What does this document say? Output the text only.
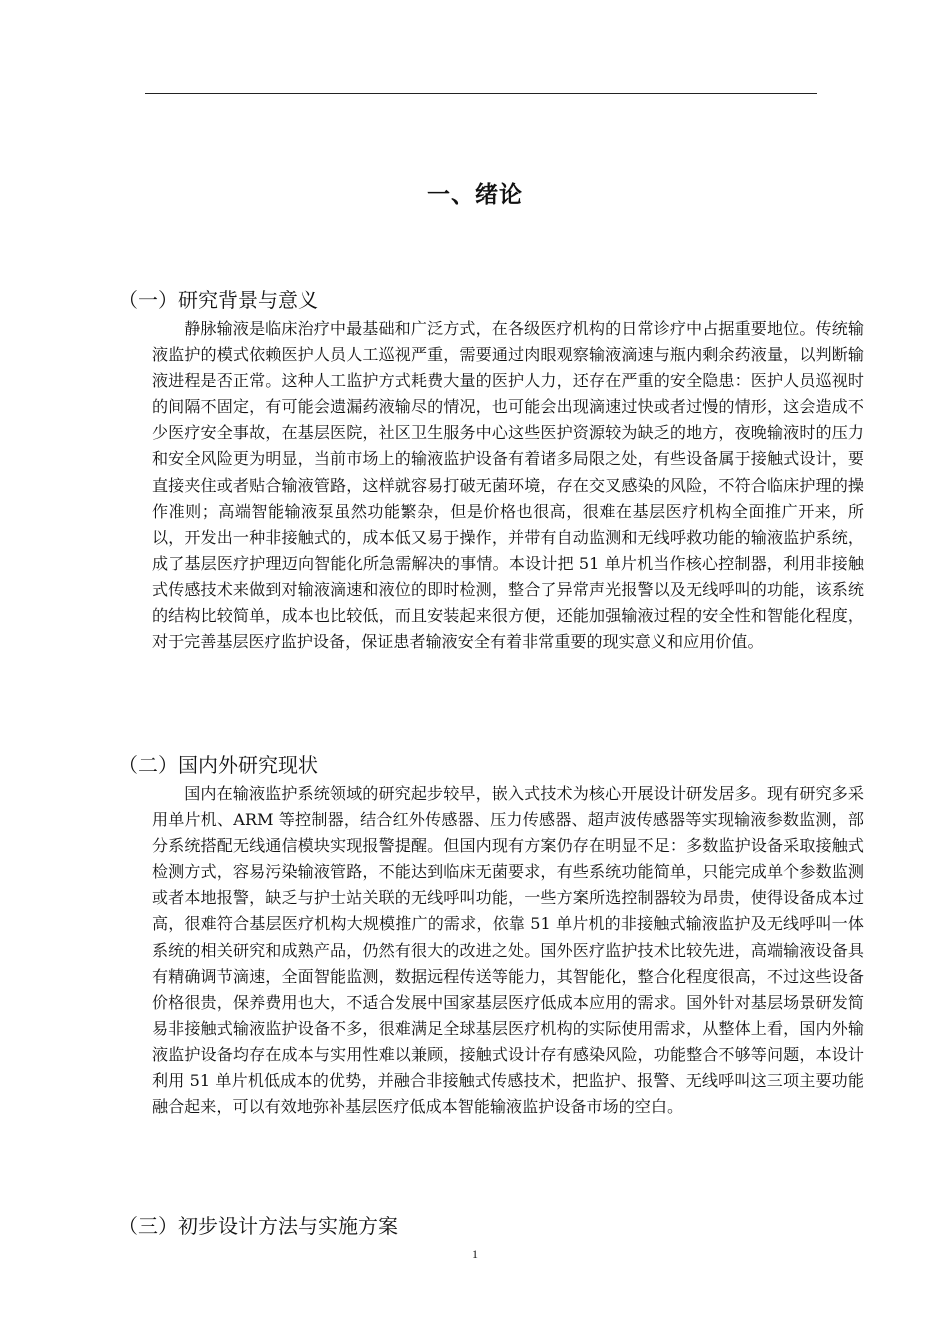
一、绪论
（一）研究背景与意义

静脉输液是临床治疗中最基础和广泛方式，在各级医疗机构的日常诊疗中占据重要地位。传统输液监护的模式依赖医护人员人工巡视严重，需要通过肉眼观察输液滴速与瓶内剩余药液量，以判断输液进程是否正常。这种人工监护方式耗费大量的医护人力，还存在严重的安全隐患：医护人员巡视时的间隔不固定，有可能会遗漏药液输尽的情况，也可能会出现滴速过快或者过慢的情形，这会造成不少医疗安全事故，在基层医院，社区卫生服务中心这些医护资源较为缺乏的地方，夜晚输液时的压力和安全风险更为明显，当前市场上的输液监护设备有着诸多局限之处，有些设备属于接触式设计，要直接夹住或者贴合输液管路，这样就容易打破无菌环境，存在交叉感染的风险，不符合临床护理的操作准则；高端智能输液泵虽然功能繁杂，但是价格也很高，很难在基层医疗机构全面推广开来，所以，开发出一种非接触式的，成本低又易于操作，并带有自动监测和无线呼救功能的输液监护系统，成了基层医疗护理迈向智能化所急需解决的事情。本设计把 51 单片机当作核心控制器，利用非接触式传感技术来做到对输液滴速和液位的即时检测，整合了异常声光报警以及无线呼叫的功能，该系统的结构比较简单，成本也比较低，而且安装起来很方便，还能加强输液过程的安全性和智能化程度，对于完善基层医疗监护设备，保证患者输液安全有着非常重要的现实意义和应用价值。

（二）国内外研究现状

国内在输液监护系统领域的研究起步较早，嵌入式技术为核心开展设计研发居多。现有研究多采用单片机、ARM 等控制器，结合红外传感器、压力传感器、超声波传感器等实现输液参数监测，部分系统搭配无线通信模块实现报警提醒。但国内现有方案仍存在明显不足：多数监护设备采取接触式检测方式，容易污染输液管路，不能达到临床无菌要求，有些系统功能简单，只能完成单个参数监测或者本地报警，缺乏与护士站关联的无线呼叫功能，一些方案所选控制器较为昂贵，使得设备成本过高，很难符合基层医疗机构大规模推广的需求，依靠 51 单片机的非接触式输液监护及无线呼叫一体系统的相关研究和成熟产品，仍然有很大的改进之处。国外医疗监护技术比较先进，高端输液设备具有精确调节滴速，全面智能监测，数据远程传送等能力，其智能化，整合化程度很高，不过这些设备价格很贵，保养费用也大，不适合发展中国家基层医疗低成本应用的需求。国外针对基层场景研发简易非接触式输液监护设备不多，很难满足全球基层医疗机构的实际使用需求，从整体上看，国内外输液监护设备均存在成本与实用性难以兼顾，接触式设计存有感染风险，功能整合不够等问题，本设计利用 51 单片机低成本的优势，并融合非接触式传感技术，把监护、报警、无线呼叫这三项主要功能融合起来，可以有效地弥补基层医疗低成本智能输液监护设备市场的空白。

（三）初步设计方法与实施方案
1
